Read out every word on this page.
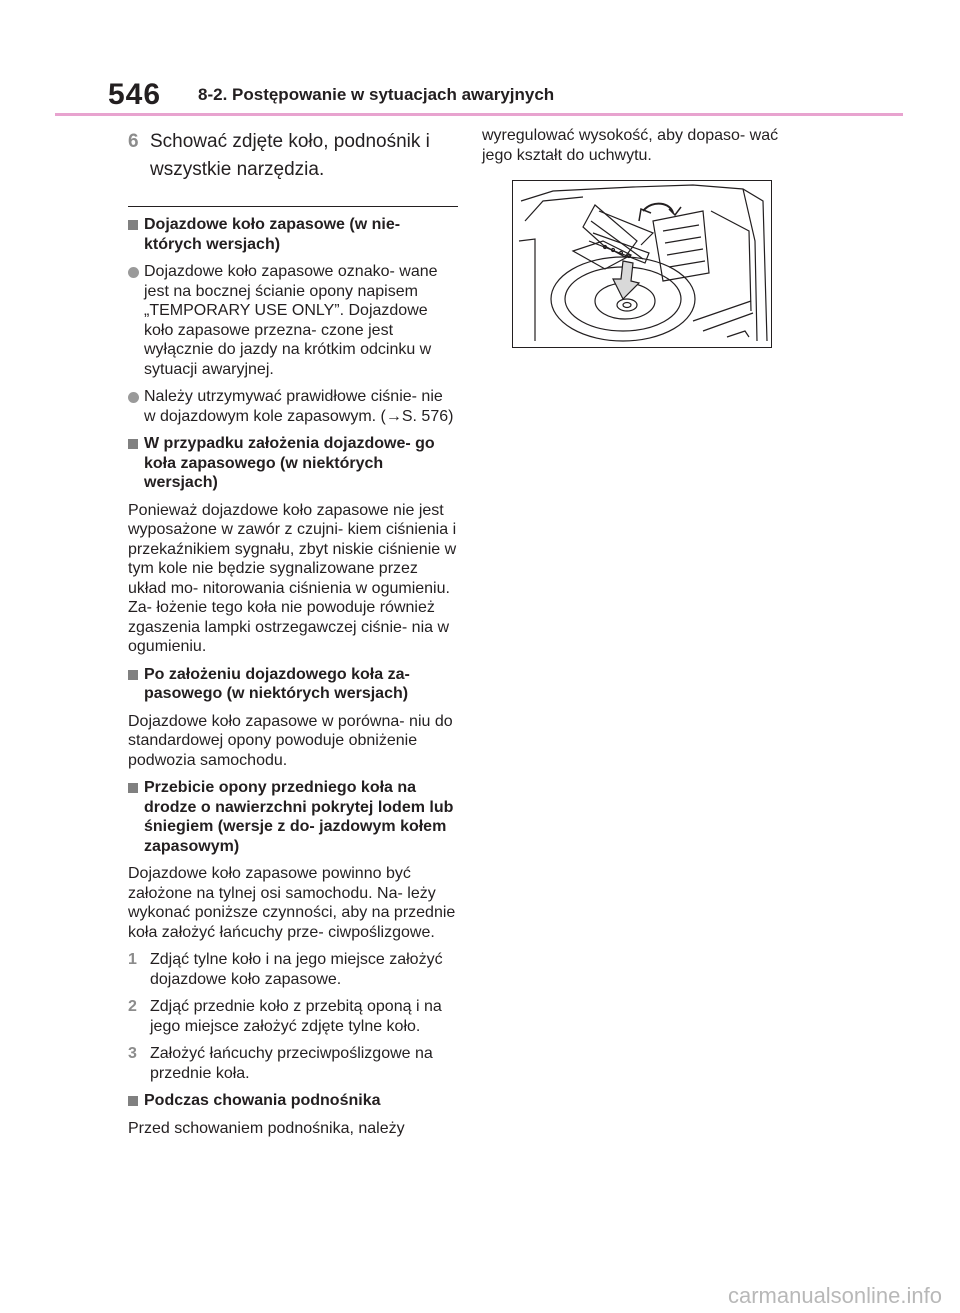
546 8-2. Postępowanie w sytuacjach awaryjnych
6 Schować zdjęte koło, podnośnik i wszystkie narzędzia.
Dojazdowe koło zapasowe (w nie- których wersjach)
Dojazdowe koło zapasowe oznako- wane jest na bocznej ścianie opony napisem „TEMPORARY USE ONLY”. Dojazdowe koło zapasowe przezna- czone jest wyłącznie do jazdy na krótkim odcinku w sytuacji awaryjnej.
Należy utrzymywać prawidłowe ciśnie- nie w dojazdowym kole zapasowym. (→S. 576)
W przypadku założenia dojazdowe- go koła zapasowego (w niektórych wersjach)
Ponieważ dojazdowe koło zapasowe nie jest wyposażone w zawór z czujni- kiem ciśnienia i przekaźnikiem sygnału, zbyt niskie ciśnienie w tym kole nie będzie sygnalizowane przez układ mo- nitorowania ciśnienia w ogumieniu. Za- łożenie tego koła nie powoduje również zgaszenia lampki ostrzegawczej ciśnie- nia w ogumieniu.
Po założeniu dojazdowego koła za- pasowego (w niektórych wersjach)
Dojazdowe koło zapasowe w porówna- niu do standardowej opony powoduje obniżenie podwozia samochodu.
Przebicie opony przedniego koła na drodze o nawierzchni pokrytej lodem lub śniegiem (wersje z do- jazdowym kołem zapasowym)
Dojazdowe koło zapasowe powinno być założone na tylnej osi samochodu. Na- leży wykonać poniższe czynności, aby na przednie koła założyć łańcuchy prze- ciwpoślizgowe.
1 Zdjąć tylne koło i na jego miejsce założyć dojazdowe koło zapasowe.
2 Zdjąć przednie koło z przebitą oponą i na jego miejsce założyć zdjęte tylne koło.
3 Założyć łańcuchy przeciwpoślizgowe na przednie koła.
Podczas chowania podnośnika
Przed schowaniem podnośnika, należy
wyregulować wysokość, aby dopaso- wać jego kształt do uchwytu.
carmanualsonline.info
